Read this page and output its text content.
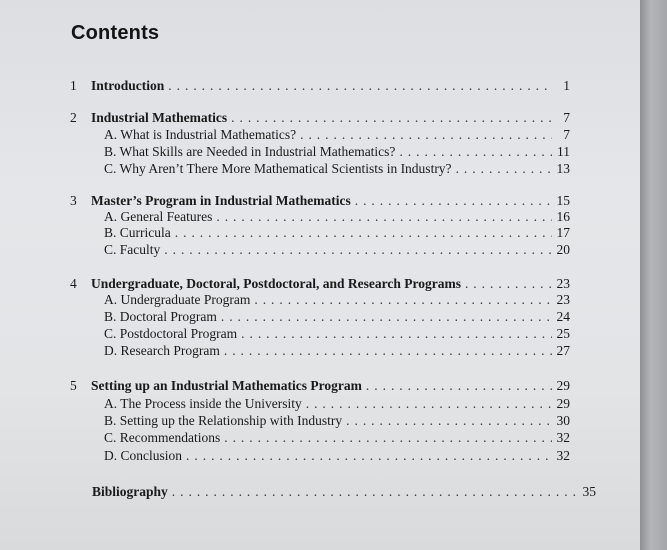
Contents
1	Introduction . . .	1
2	Industrial Mathematics . . .	7
A. What is Industrial Mathematics? . . .	7
B. What Skills are Needed in Industrial Mathematics? . . .	11
C. Why Aren’t There More Mathematical Scientists in Industry? . . .	13
3	Master’s Program in Industrial Mathematics . . .	15
A. General Features . . .	16
B. Curricula . . .	17
C. Faculty . . .	20
4	Undergraduate, Doctoral, Postdoctoral, and Research Programs . . .	23
A. Undergraduate Program . . .	23
B. Doctoral Program . . .	24
C. Postdoctoral Program . . .	25
D. Research Program . . .	27
5	Setting up an Industrial Mathematics Program . . .	29
A. The Process inside the University . . .	29
B. Setting up the Relationship with Industry . . .	30
C. Recommendations . . .	32
D. Conclusion . . .	32
Bibliography . . .	35
